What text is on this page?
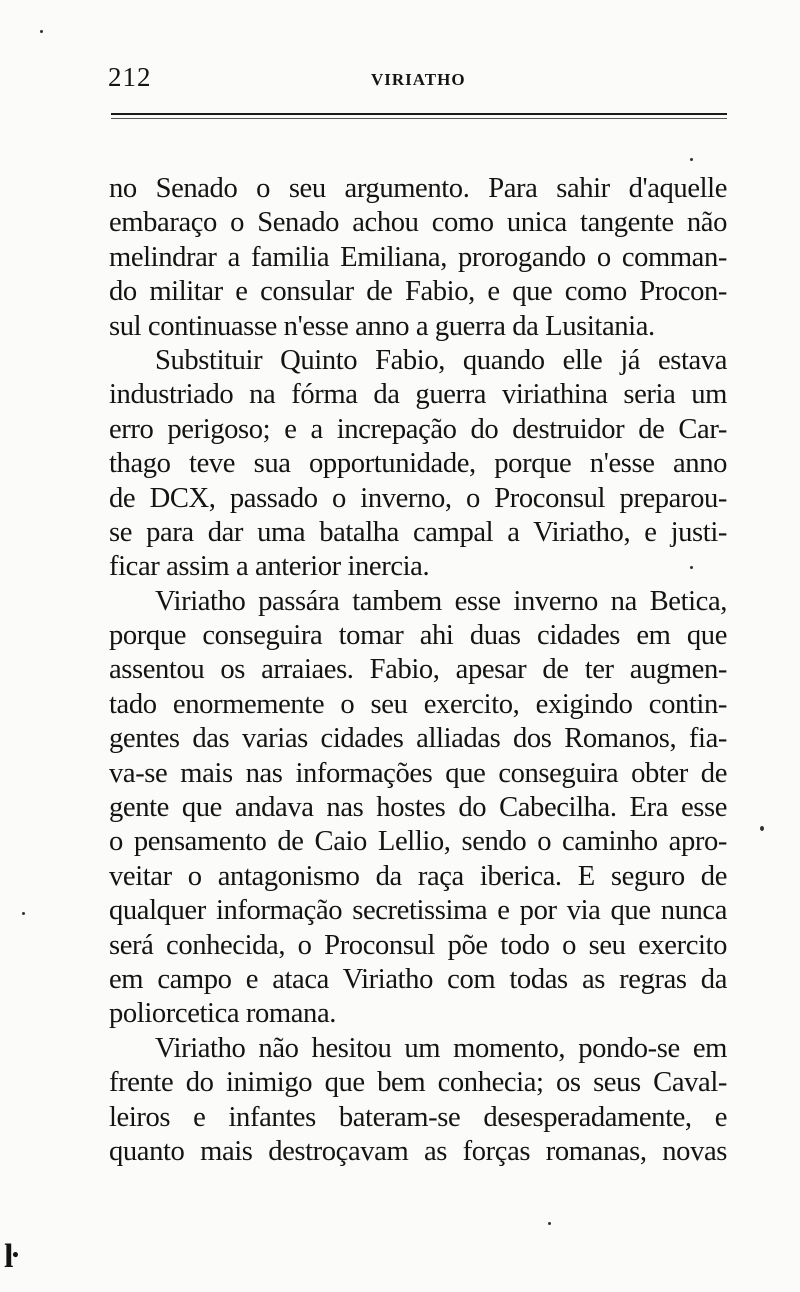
212	VIRIATHO
no Senado o seu argumento. Para sahir d'aquelle
embaraço o Senado achou como unica tangente não
melindrar a familia Emiliana, prorogando o comman-
do militar e consular de Fabio, e que como Procon-
sul continuasse n'esse anno a guerra da Lusitania.
Substituir Quinto Fabio, quando elle já estava
industriado na fórma da guerra viriathina seria um
erro perigoso; e a increpação do destruidor de Car-
thago teve sua opportunidade, porque n'esse anno
de DCX, passado o inverno, o Proconsul preparou-
se para dar uma batalha campal a Viriatho, e justi-
ficar assim a anterior inercia.
Viriatho passára tambem esse inverno na Betica,
porque conseguira tomar ahi duas cidades em que
assentou os arraiaes. Fabio, apesar de ter augmen-
tado enormemente o seu exercito, exigindo contin-
gentes das varias cidades alliadas dos Romanos, fia-
va-se mais nas informações que conseguira obter de
gente que andava nas hostes do Cabecilha. Era esse
o pensamento de Caio Lellio, sendo o caminho apro-
veitar o antagonismo da raça iberica. E seguro de
qualquer informação secretissima e por via que nunca
será conhecida, o Proconsul põe todo o seu exercito
em campo e ataca Viriatho com todas as regras da
poliorcetica romana.
Viriatho não hesitou um momento, pondo-se em
frente do inimigo que bem conhecia; os seus Caval-
leiros e infantes bateram-se desesperadamente, e
quanto mais destroçavam as forças romanas, novas
ŀ
